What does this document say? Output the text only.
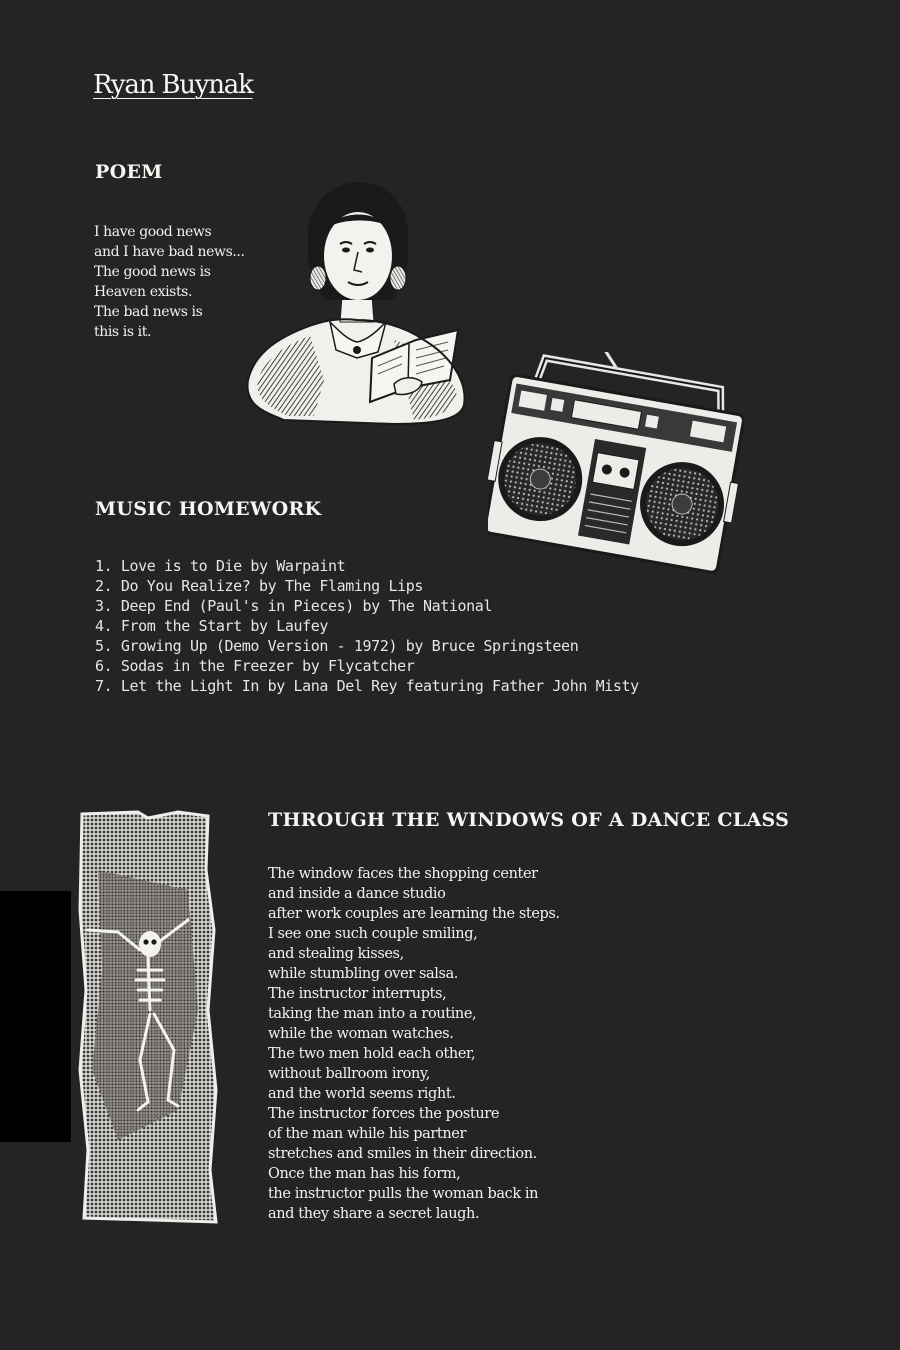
Ryan Buynak
POEM
I have good news
and I have bad news...
The good news is
Heaven exists.
The bad news is
this is it.
MUSIC HOMEWORK
1. Love is to Die by Warpaint
2. Do You Realize? by The Flaming Lips
3. Deep End (Paul's in Pieces) by The National
4. From the Start by Laufey
5. Growing Up (Demo Version - 1972) by Bruce Springsteen
6. Sodas in the Freezer by Flycatcher
7. Let the Light In by Lana Del Rey featuring Father John Misty
THROUGH THE WINDOWS OF A DANCE CLASS
The window faces the shopping center
and inside a dance studio
after work couples are learning the steps.
I see one such couple smiling,
and stealing kisses,
while stumbling over salsa.
The instructor interrupts,
taking the man into a routine,
while the woman watches.
The two men hold each other,
without ballroom irony,
and the world seems right.
The instructor forces the posture
of the man while his partner
stretches and smiles in their direction.
Once the man has his form,
the instructor pulls the woman back in
and they share a secret laugh.
